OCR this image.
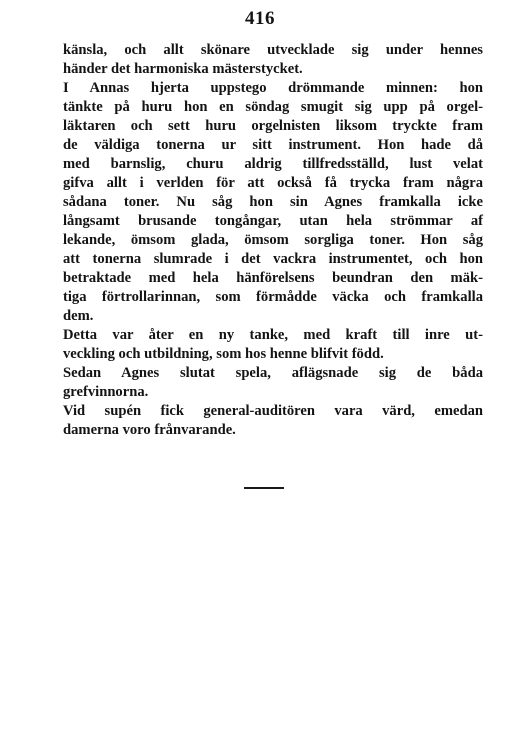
416
känsla, och allt skönare utvecklade sig under hennes
händer det harmoniska mästerstycket.
I Annas hjerta uppstego drömmande minnen: hon
tänkte på huru hon en söndag smugit sig upp på orgel-
läktaren och sett huru orgelnisten liksom tryckte fram
de väldiga tonerna ur sitt instrument. Hon hade då
med barnslig, churu aldrig tillfredsställd, lust velat
gifva allt i verlden för att också få trycka fram några
sådana toner. Nu såg hon sin Agnes framkalla icke
långsamt brusande tongångar, utan hela strömmar af
lekande, ömsom glada, ömsom sorgliga toner. Hon såg
att tonerna slumrade i det vackra instrumentet, och hon
betraktade med hela hänförelsens beundran den mäk-
tiga förtrollarinnan, som förmådde väcka och framkalla
dem.
Detta var åter en ny tanke, med kraft till inre ut-
veckling och utbildning, som hos henne blifvit född.
Sedan Agnes slutat spela, aflägsnade sig de båda
grefvinnorna.
Vid supén fick general-auditören vara värd, emedan
damerna voro frånvarande.
